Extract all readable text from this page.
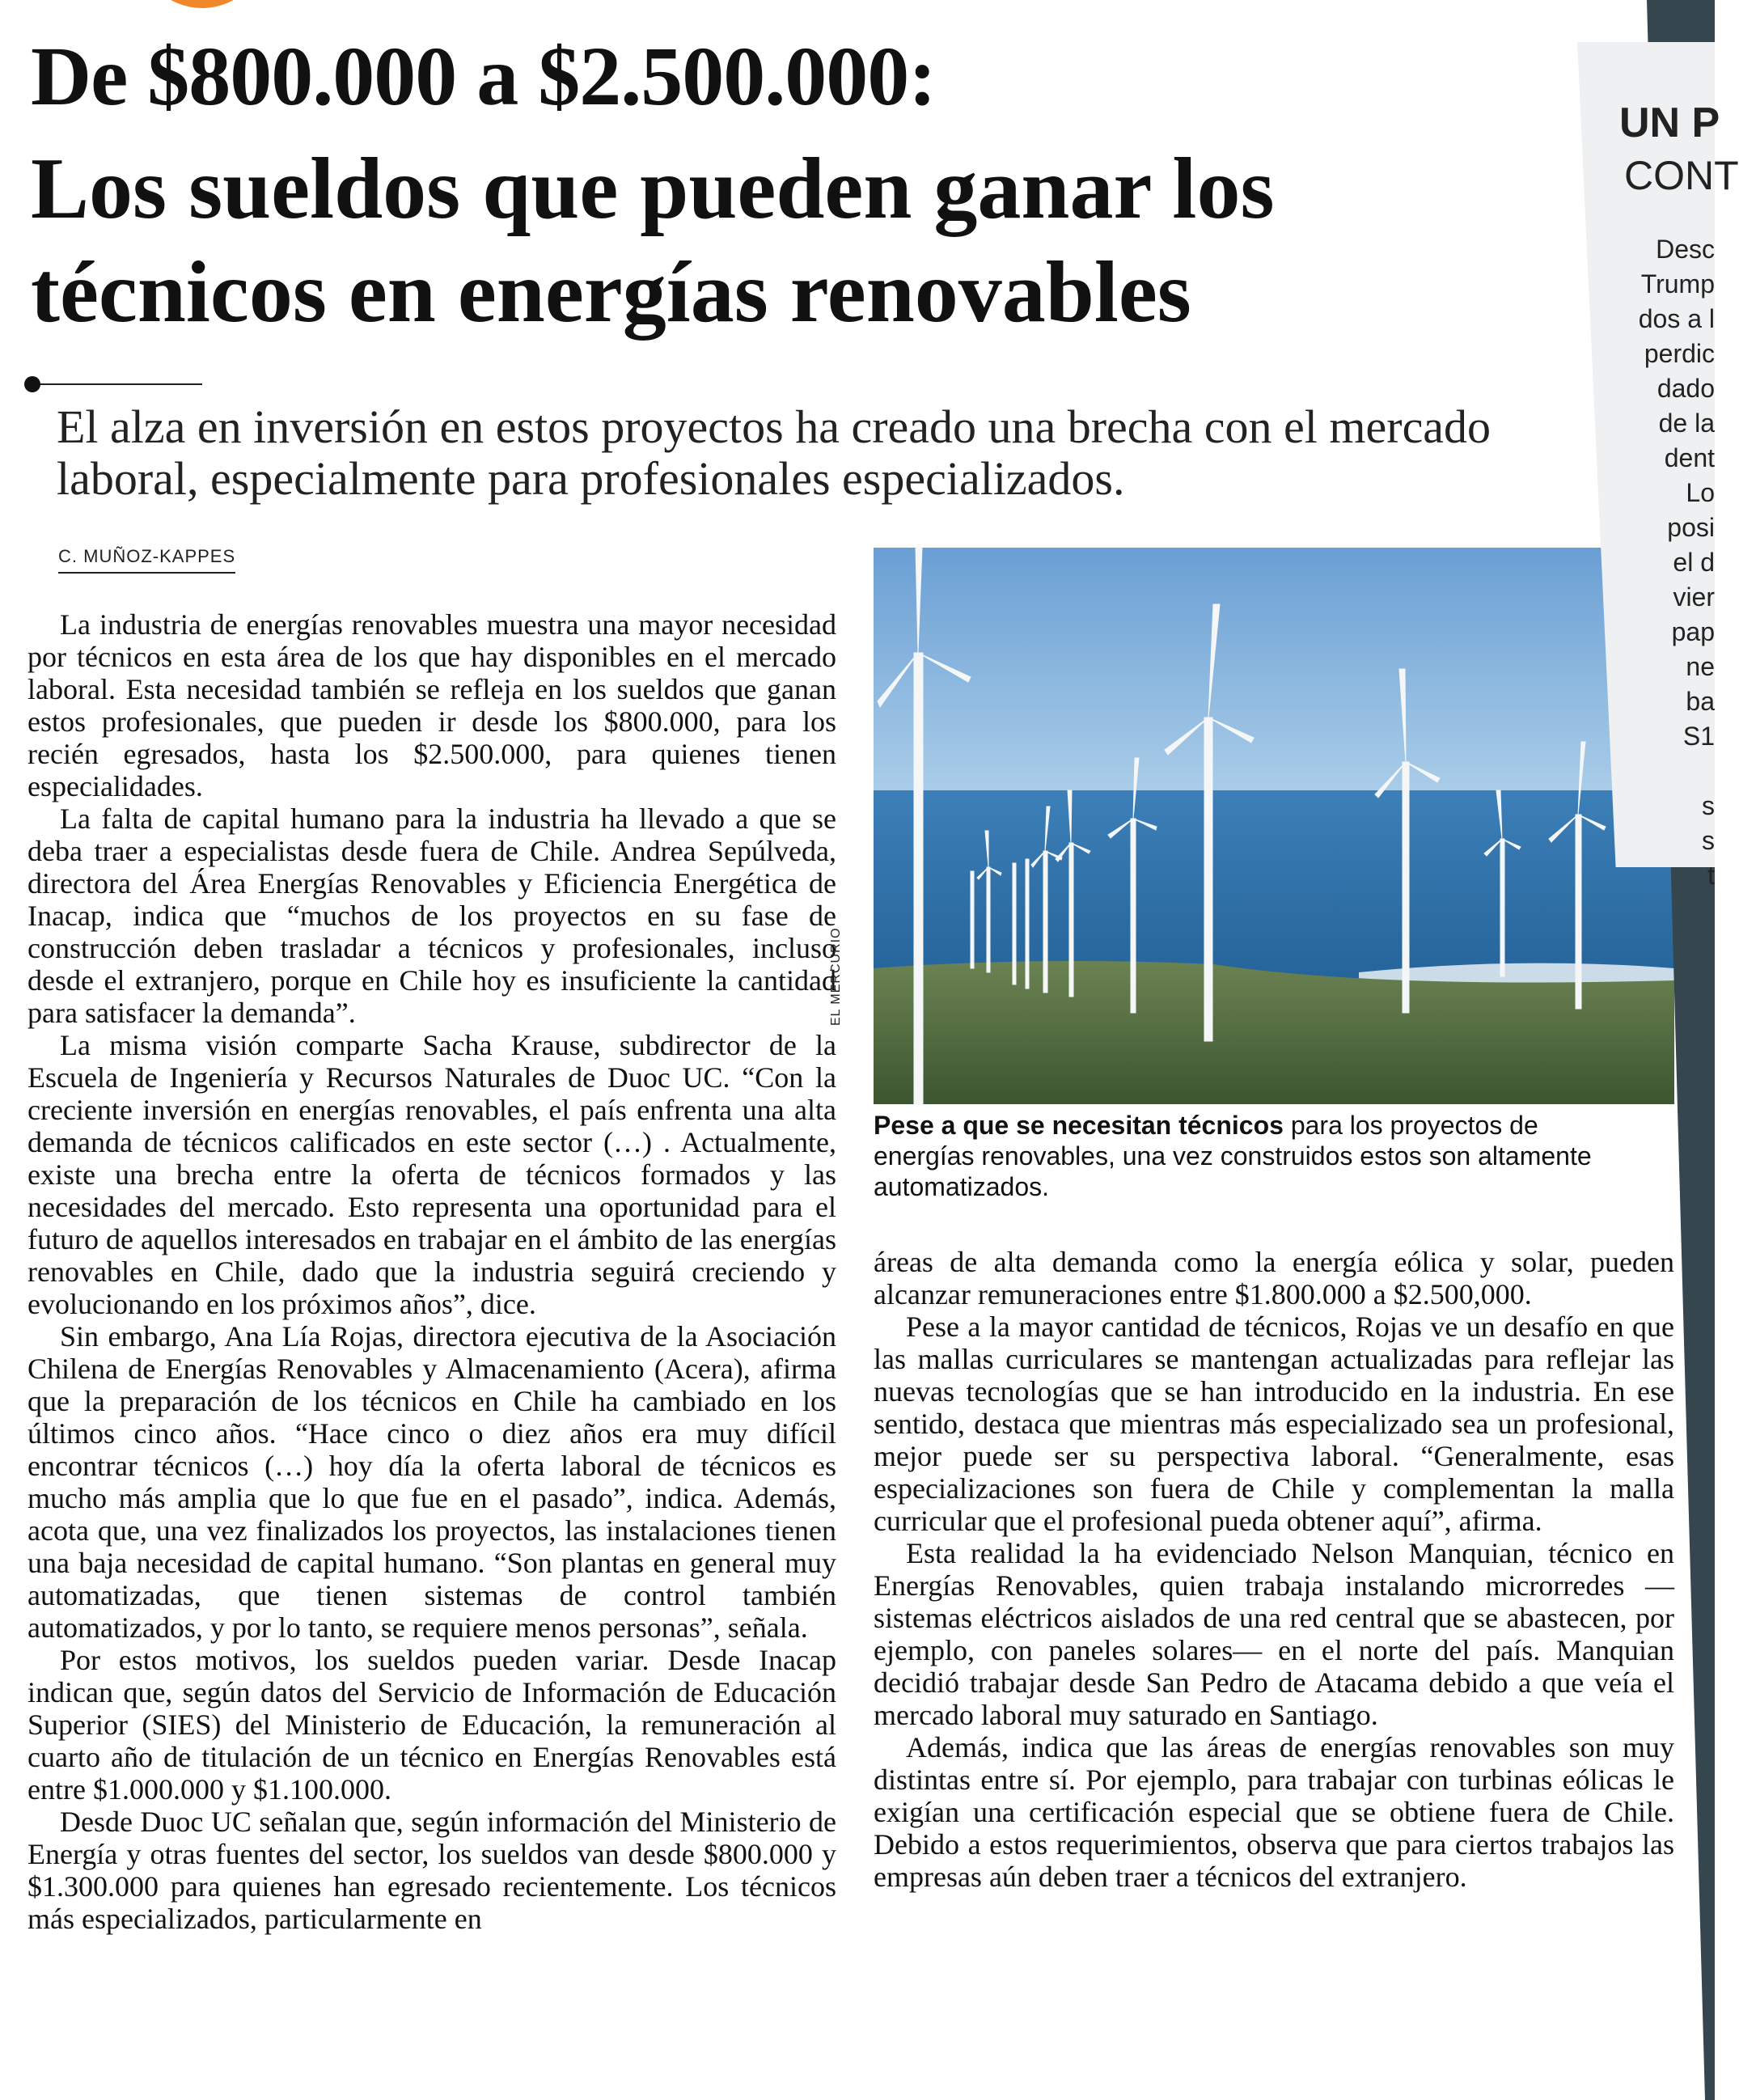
De $800.000 a $2.500.000:
Los sueldos que pueden ganar los técnicos en energías renovables

El alza en inversión en estos proyectos ha creado una brecha con el mercado laboral, especialmente para profesionales especializados.

C. MUÑOZ-KAPPES

La industria de energías renovables muestra una mayor necesidad por técnicos en esta área de los que hay disponibles en el mercado laboral. Esta necesidad también se refleja en los sueldos que ganan estos profesionales, que pueden ir desde los $800.000, para los recién egresados, hasta los $2.500.000, para quienes tienen especialidades.

La falta de capital humano para la industria ha llevado a que se deba traer a especialistas desde fuera de Chile. Andrea Sepúlveda, directora del Área Energías Renovables y Eficiencia Energética de Inacap, indica que “muchos de los proyectos en su fase de construcción deben trasladar a técnicos y profesionales, incluso desde el extranjero, porque en Chile hoy es insuficiente la cantidad para satisfacer la demanda”.

La misma visión comparte Sacha Krause, subdirector de la Escuela de Ingeniería y Recursos Naturales de Duoc UC. “Con la creciente inversión en energías renovables, el país enfrenta una alta demanda de técnicos calificados en este sector (…) . Actualmente, existe una brecha entre la oferta de técnicos formados y las necesidades del mercado. Esto representa una oportunidad para el futuro de aquellos interesados en trabajar en el ámbito de las energías renovables en Chile, dado que la industria seguirá creciendo y evolucionando en los próximos años”, dice.

Sin embargo, Ana Lía Rojas, directora ejecutiva de la Asociación Chilena de Energías Renovables y Almacenamiento (Acera), afirma que la preparación de los técnicos en Chile ha cambiado en los últimos cinco años. “Hace cinco o diez años era muy difícil encontrar técnicos (…) hoy día la oferta laboral de técnicos es mucho más amplia que lo que fue en el pasado”, indica. Además, acota que, una vez finalizados los proyectos, las instalaciones tienen una baja necesidad de capital humano. “Son plantas en general muy automatizadas, que tienen sistemas de control también automatizados, y por lo tanto, se requiere menos personas”, señala.

Por estos motivos, los sueldos pueden variar. Desde Inacap indican que, según datos del Servicio de Información de Educación Superior (SIES) del Ministerio de Educación, la remuneración al cuarto año de titulación de un técnico en Energías Renovables está entre $1.000.000 y $1.100.000.

Desde Duoc UC señalan que, según información del Ministerio de Energía y otras fuentes del sector, los sueldos van desde $800.000 y $1.300.000 para quienes han egresado recientemente. Los técnicos más especializados, particularmente en

EL MERCURIO
Pese a que se necesitan técnicos para los proyectos de energías renovables, una vez construidos estos son altamente automatizados.

áreas de alta demanda como la energía eólica y solar, pueden alcanzar remuneraciones entre $1.800.000 a $2.500,000.

Pese a la mayor cantidad de técnicos, Rojas ve un desafío en que las mallas curriculares se mantengan actualizadas para reflejar las nuevas tecnologías que se han introducido en la industria. En ese sentido, destaca que mientras más especializado sea un profesional, mejor puede ser su perspectiva laboral. “Generalmente, esas especializaciones son fuera de Chile y complementan la malla curricular que el profesional pueda obtener aquí”, afirma.

Esta realidad la ha evidenciado Nelson Manquian, técnico en Energías Renovables, quien trabaja instalando microrredes —sistemas eléctricos aislados de una red central que se abastecen, por ejemplo, con paneles solares— en el norte del país. Manquian decidió trabajar desde San Pedro de Atacama debido a que veía el mercado laboral muy saturado en Santiago.

Además, indica que las áreas de energías renovables son muy distintas entre sí. Por ejemplo, para trabajar con turbinas eólicas le exigían una certificación especial que se obtiene fuera de Chile. Debido a estos requerimientos, observa que para ciertos trabajos las empresas aún deben traer a técnicos del extranjero.

UN P
CONT
Desc
Trump
dos a l
perdic
dado
de la
dent
Lo
posi
el d
vier
pap
ne
ba
S1
s
s
t
